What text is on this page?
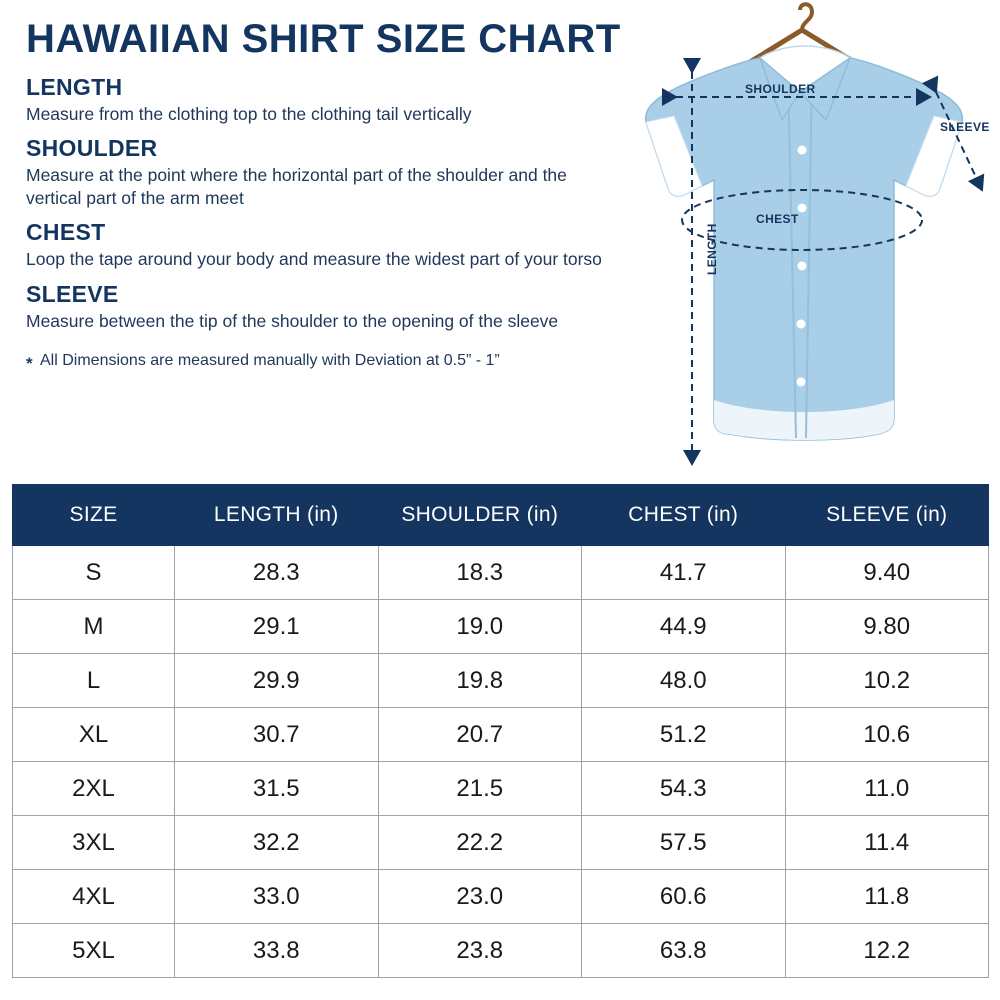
HAWAIIAN SHIRT SIZE CHART
LENGTH

Measure from the clothing top to the clothing tail vertically

SHOULDER

Measure at the point where the horizontal part of the shoulder and the vertical part of the arm meet

CHEST

Loop the tape around your body and measure the widest part of your torso

SLEEVE

Measure between the tip of the shoulder to the opening of the sleeve

* All Dimensions are measured manually with Deviation at 0.5” - 1”
SHOULDER
CHEST
SLEEVE
LENGTH
SIZE	LENGTH (in)	SHOULDER (in)	CHEST (in)	SLEEVE (in)
S	28.3	18.3	41.7	9.40
M	29.1	19.0	44.9	9.80
L	29.9	19.8	48.0	10.2
XL	30.7	20.7	51.2	10.6
2XL	31.5	21.5	54.3	11.0
3XL	32.2	22.2	57.5	11.4
4XL	33.0	23.0	60.6	11.8
5XL	33.8	23.8	63.8	12.2
